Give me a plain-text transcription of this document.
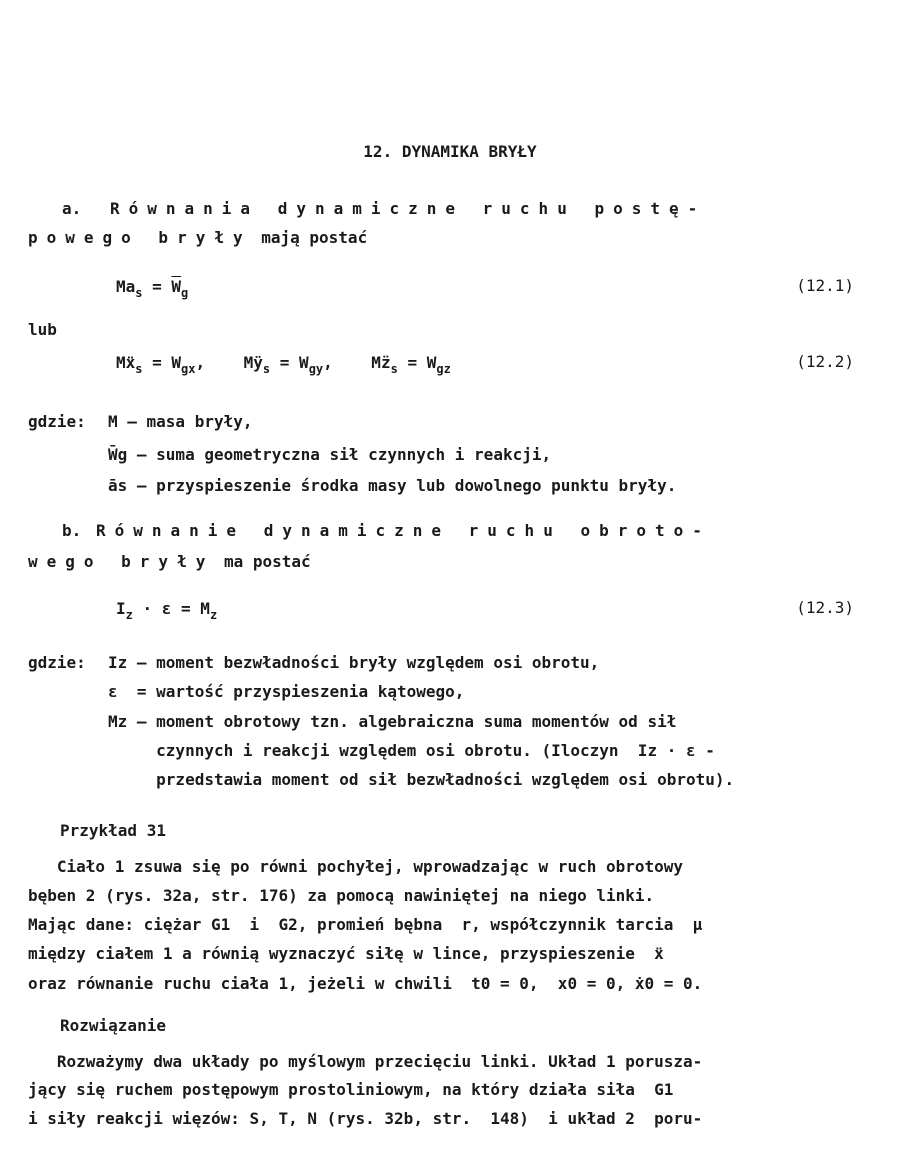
12. DYNAMIKA BRYŁY
a. Równania dynamiczne ruchu postę-
powego bryły mają postać
$Ma_s = \overline{W}_g$	(12.1)
lub
Mẍ$_s$ = $W_{gx}$,    $Mÿ_s = W_{gy}$,    $Mz̈_s = W_{gz}$	(12.2)
gdzie: M – masa bryły,
W̄g – suma geometryczna sił czynnych i reakcji,
ās – przyspieszenie środka masy lub dowolnego punktu bryły.
b. Równanie dynamiczne ruchu obroto-
wego bryły ma postać
$I_z \cdot \varepsilon = M_z$	(12.3)
gdzie: Iz – moment bezwładności bryły względem osi obrotu,
ε  = wartość przyspieszenia kątowego,
Mz – moment obrotowy tzn. algebraiczna suma momentów od sił
czynnych i reakcji względem osi obrotu. (Iloczyn  Iz · ε -
przedstawia moment od sił bezwładności względem osi obrotu).
Przykład 31
Ciało 1 zsuwa się po równi pochyłej, wprowadzając w ruch obrotowy
bęben 2 (rys. 32a, str. 176) za pomocą nawiniętej na niego linki.
Mając dane: ciężar G1  i  G2, promień bębna  r, współczynnik tarcia  μ
między ciałem 1 a równią wyznaczyć siłę w lince, przyspieszenie  ẍ
oraz równanie ruchu ciała 1, jeżeli w chwili  t0 = 0,  x0 = 0, ẋ0 = 0.
Rozwiązanie
Rozważymy dwa układy po myślowym przecięciu linki. Układ 1 porusza-
jący się ruchem postępowym prostoliniowym, na który działa siła  G1
i siły reakcji więzów: S, T, N (rys. 32b, str.  148)  i układ 2  poru-
